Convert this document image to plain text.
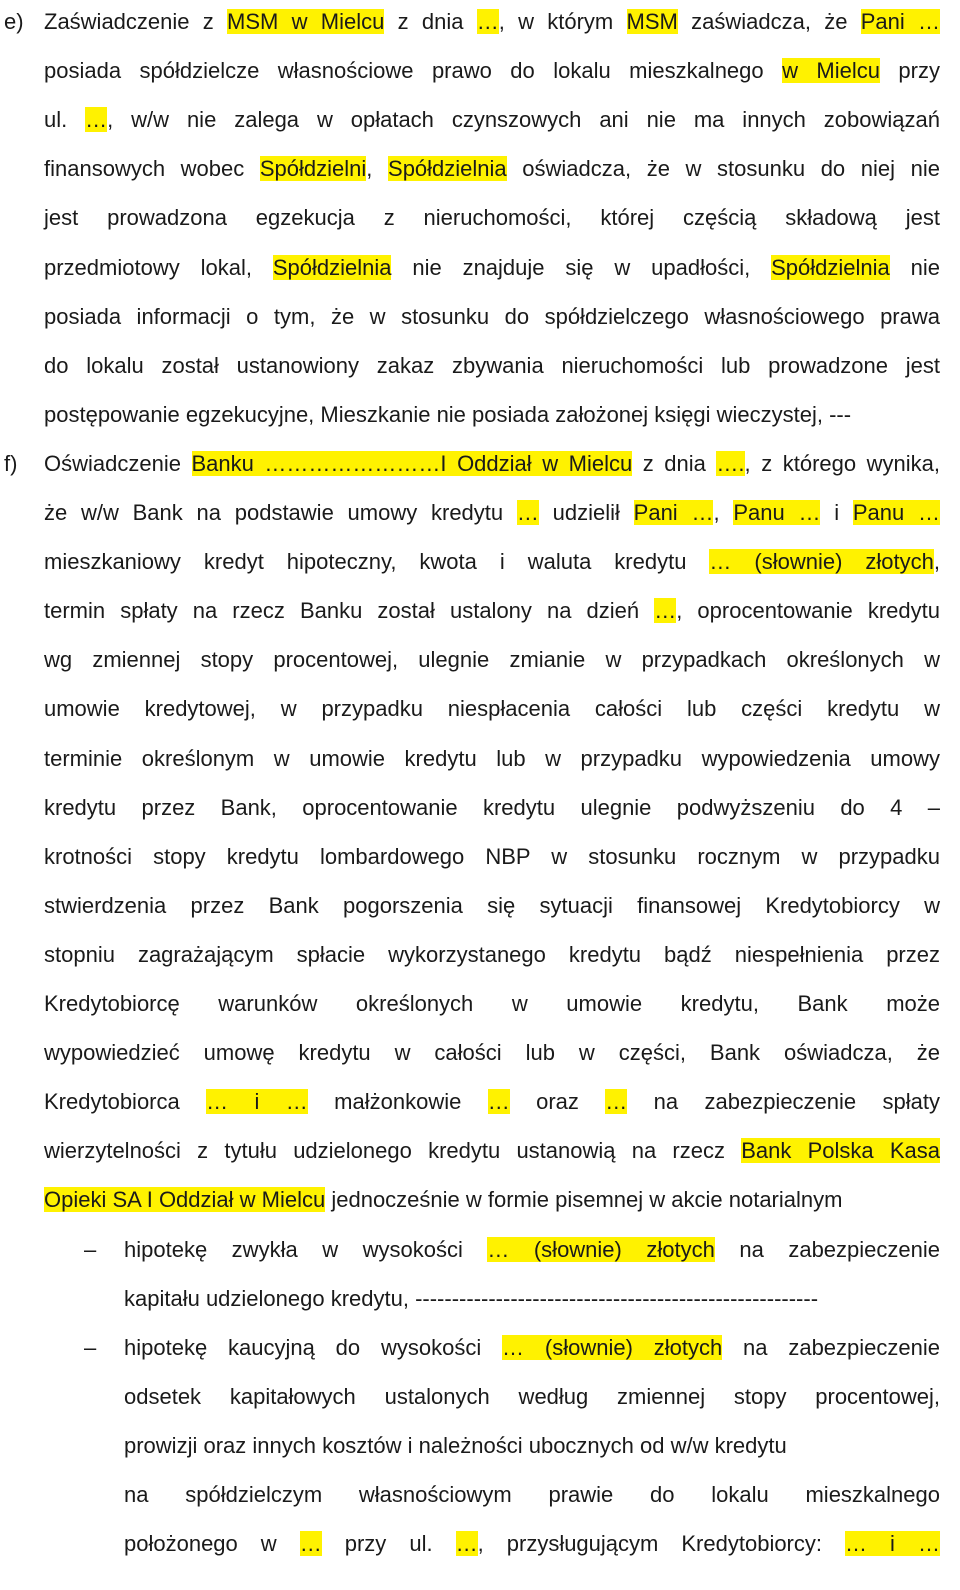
e) Zaświadczenie z MSM w Mielcu z dnia …, w którym MSM zaświadcza, że Pani …
posiada spółdzielcze własnościowe prawo do lokalu mieszkalnego w Mielcu przy
ul. …, w/w nie zalega w opłatach czynszowych ani nie ma innych zobowiązań
finansowych wobec Spółdzielni, Spółdzielnia oświadcza, że w stosunku do niej nie
jest prowadzona egzekucja z nieruchomości, której częścią składową jest
przedmiotowy lokal, Spółdzielnia nie znajduje się w upadłości, Spółdzielnia nie
posiada informacji o tym, że w stosunku do spółdzielczego własnościowego prawa
do lokalu został ustanowiony zakaz zbywania nieruchomości lub prowadzone jest
postępowanie egzekucyjne, Mieszkanie nie posiada założonej księgi wieczystej, ---
f) Oświadczenie Banku ……………………I Oddział w Mielcu z dnia …., z którego wynika,
że w/w Bank na podstawie umowy kredytu … udzielił Pani …, Panu … i Panu …
mieszkaniowy kredyt hipoteczny, kwota i waluta kredytu … (słownie) złotych,
termin spłaty na rzecz Banku został ustalony na dzień …, oprocentowanie kredytu
wg zmiennej stopy procentowej, ulegnie zmianie w przypadkach określonych w
umowie kredytowej, w przypadku niespłacenia całości lub części kredytu w
terminie określonym w umowie kredytu lub w przypadku wypowiedzenia umowy
kredytu przez Bank, oprocentowanie kredytu ulegnie podwyższeniu do 4 –
krotności stopy kredytu lombardowego NBP w stosunku rocznym w przypadku
stwierdzenia przez Bank pogorszenia się sytuacji finansowej Kredytobiorcy w
stopniu zagrażającym spłacie wykorzystanego kredytu bądź niespełnienia przez
Kredytobiorcę warunków określonych w umowie kredytu, Bank może
wypowiedzieć umowę kredytu w całości lub w części, Bank oświadcza, że
Kredytobiorca … i … małżonkowie … oraz … na zabezpieczenie spłaty
wierzytelności z tytułu udzielonego kredytu ustanowią na rzecz Bank Polska Kasa
Opieki SA I Oddział w Mielcu jednocześnie w formie pisemnej w akcie notarialnym
– hipotekę zwykła w wysokości … (słownie) złotych na zabezpieczenie
kapitału udzielonego kredytu, -------------------------------------------------------
– hipotekę kaucyjną do wysokości … (słownie) złotych na zabezpieczenie
odsetek kapitałowych ustalonych według zmiennej stopy procentowej,
prowizji oraz innych kosztów i należności ubocznych od w/w kredytu
na spółdzielczym własnościowym prawie do lokalu mieszkalnego
położonego w … przy ul. …, przysługującym Kredytobiorcy: … i …
